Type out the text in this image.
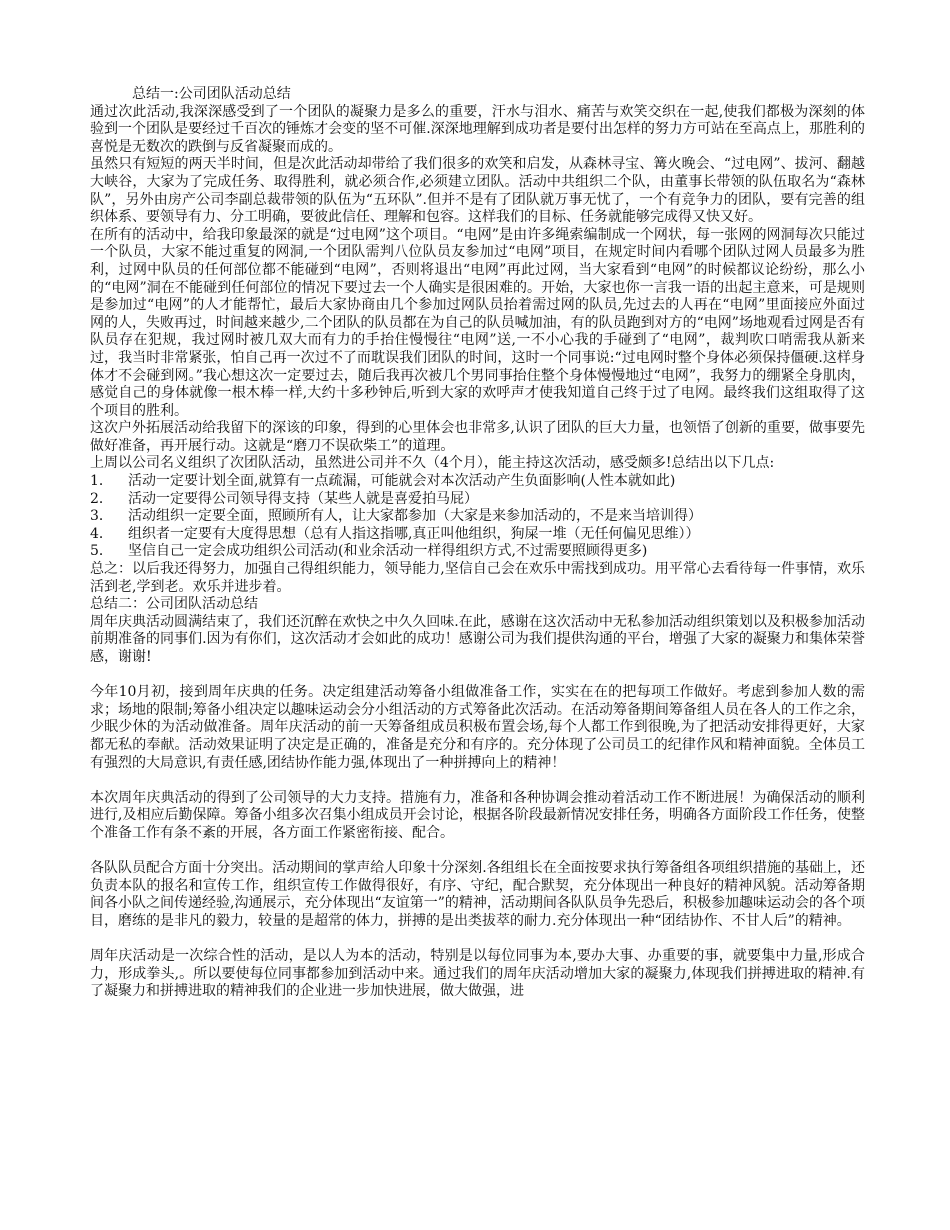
总结一:公司团队活动总结

通过次此活动,我深深感受到了一个团队的凝聚力是多么的重要，汗水与泪水、痛苦与欢笑交织在一起,使我们都极为深刻的体验到一个团队是要经过千百次的锤炼才会变的坚不可催.深深地理解到成功者是要付出怎样的努力方可站在至高点上，那胜利的喜悦是无数次的跌倒与反省凝聚而成的。

虽然只有短短的两天半时间，但是次此活动却带给了我们很多的欢笑和启发，从森林寻宝、篝火晚会、“过电网”、拔河、翻越大峡谷，大家为了完成任务、取得胜利，就必须合作,必须建立团队。活动中共组织二个队，由董事长带领的队伍取名为“森林队”，另外由房产公司李副总裁带领的队伍为“五环队”.但并不是有了团队就万事无忧了，一个有竞争力的团队，要有完善的组织体系、要领导有力、分工明确，要彼此信任、理解和包容。这样我们的目标、任务就能够完成得又快又好。

在所有的活动中，给我印象最深的就是“过电网”这个项目。“电网”是由许多绳索编制成一个网状，每一张网的网洞每次只能过一个队员，大家不能过重复的网洞,一个团队需判八位队员友参加过“电网”项目，在规定时间内看哪个团队过网人员最多为胜利，过网中队员的任何部位都不能碰到“电网”，否则将退出“电网”再此过网，当大家看到“电网”的时候都议论纷纷，那么小的“电网”洞在不能碰到任何部位的情况下要过去一个人确实是很困难的。开始，大家也你一言我一语的出起主意来，可是规则是参加过“电网”的人才能帮忙，最后大家协商由几个参加过网队员抬着需过网的队员,先过去的人再在“电网”里面接应外面过网的人，失败再过，时间越来越少,二个团队的队员都在为自己的队员喊加油，有的队员跑到对方的“电网”场地观看过网是否有队员存在犯规，我过网时被几双大而有力的手抬住慢慢往“电网”送,一不小心我的手碰到了“电网”，裁判吹口哨需我从新来过，我当时非常紧张，怕自己再一次过不了而耽误我们团队的时间，这时一个同事说:“过电网时整个身体必须保持僵硬.这样身体才不会碰到网。”我心想这次一定要过去，随后我再次被几个男同事抬住整个身体慢慢地过“电网”，我努力的绷紧全身肌肉，感觉自己的身体就像一根木棒一样,大约十多秒钟后,听到大家的欢呼声才使我知道自己终于过了电网。最终我们这组取得了这个项目的胜利。

这次户外拓展活动给我留下的深该的印象，得到的心里体会也非常多,认识了团队的巨大力量，也领悟了创新的重要，做事要先做好准备，再开展行动。这就是“磨刀不误砍柴工”的道理。

上周以公司名义组织了次团队活动，虽然进公司并不久（4个月），能主持这次活动，感受颇多!总结出以下几点:

1．	活动一定要计划全面,就算有一点疏漏，可能就会对本次活动产生负面影响(人性本就如此)
2．	活动一定要得公司领导得支持（某些人就是喜爱拍马屁）
3．	活动组织一定要全面，照顾所有人，让大家都参加（大家是来参加活动的，不是来当培训得）
4．	组织者一定要有大度得思想（总有人指这指哪,真正叫他组织，狗屎一堆（无任何偏见思维））
5．	坚信自己一定会成功组织公司活动(和业余活动一样得组织方式,不过需要照顾得更多)

总之：以后我还得努力，加强自己得组织能力，领导能力,坚信自己会在欢乐中需找到成功。用平常心去看待每一件事情，欢乐活到老,学到老。欢乐并进步着。

总结二：公司团队活动总结

周年庆典活动圆满结束了，我们还沉醉在欢快之中久久回味.在此，感谢在这次活动中无私参加活动组织策划以及积极参加活动前期准备的同事们.因为有你们，这次活动才会如此的成功！感谢公司为我们提供沟通的平台，增强了大家的凝聚力和集体荣誉感，谢谢!

今年10月初，接到周年庆典的任务。决定组建活动筹备小组做准备工作，实实在在的把每项工作做好。考虑到参加人数的需求；场地的限制;筹备小组决定以趣味运动会分小组活动的方式筹备此次活动。在活动筹备期间筹备组人员在各人的工作之余，少眠少休的为活动做准备。周年庆活动的前一天筹备组成员积极布置会场,每个人都工作到很晚,为了把活动安排得更好，大家都无私的奉献。活动效果证明了决定是正确的，准备是充分和有序的。充分体现了公司员工的纪律作风和精神面貌。全体员工有强烈的大局意识,有责任感,团结协作能力强,体现出了一种拼搏向上的精神！

本次周年庆典活动的得到了公司领导的大力支持。措施有力，准备和各种协调会推动着活动工作不断进展！为确保活动的顺利进行,及相应后勤保障。筹备小组多次召集小组成员开会讨论，根据各阶段最新情况安排任务，明确各方面阶段工作任务，使整个准备工作有条不紊的开展，各方面工作紧密衔接、配合。

各队队员配合方面十分突出。活动期间的掌声给人印象十分深刻.各组组长在全面按要求执行筹备组各项组织措施的基础上，还负责本队的报名和宣传工作，组织宣传工作做得很好，有序、守纪，配合默契，充分体现出一种良好的精神风貌。活动筹备期间各小队之间传递经验,沟通展示，充分体现出“友谊第一”的精神，活动期间各队队员争先恐后，积极参加趣味运动会的各个项目，磨练的是非凡的毅力，较量的是超常的体力，拼搏的是出类拔萃的耐力.充分体现出一种“团结协作、不甘人后”的精神。

周年庆活动是一次综合性的活动，是以人为本的活动，特别是以每位同事为本,要办大事、办重要的事，就要集中力量,形成合力，形成拳头,。所以要使每位同事都参加到活动中来。通过我们的周年庆活动增加大家的凝聚力,体现我们拼搏进取的精神.有了凝聚力和拼搏进取的精神我们的企业进一步加快进展，做大做强，进
